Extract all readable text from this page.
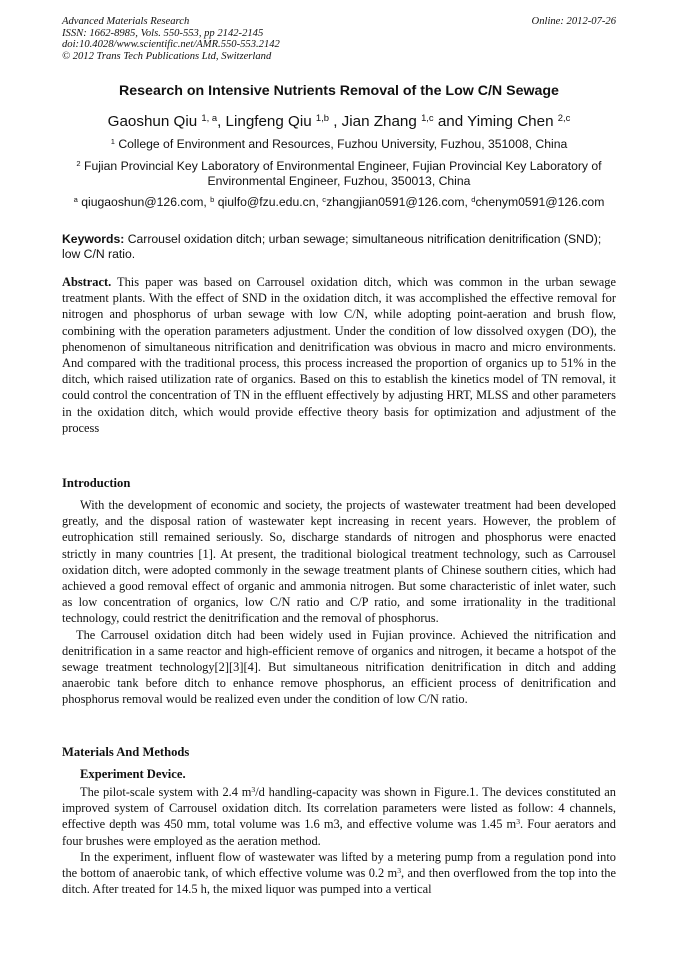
Advanced Materials Research
ISSN: 1662-8985, Vols. 550-553, pp 2142-2145
doi:10.4028/www.scientific.net/AMR.550-553.2142
© 2012 Trans Tech Publications Ltd, Switzerland
Online: 2012-07-26
Research on Intensive Nutrients Removal of the Low C/N Sewage
Gaoshun Qiu $^{1, a}$, Lingfeng Qiu $^{1,b}$ , Jian Zhang $^{1,c}$ and Yiming Chen $^{2,c}$
$^1$ College of Environment and Resources, Fuzhou University, Fuzhou, 351008, China
$^2$ Fujian Provincial Key Laboratory of Environmental Engineer, Fujian Provincial Key Laboratory of Environmental Engineer, Fuzhou, 350013, China
$^a$ qiugaoshun@126.com, $^b$ qiulfo@fzu.edu.cn, $^c$zhangjian0591@126.com, $^d$chenym0591@126.com
Keywords: Carrousel oxidation ditch; urban sewage; simultaneous nitrification denitrification (SND); low C/N ratio.
Abstract. This paper was based on Carrousel oxidation ditch, which was common in the urban sewage treatment plants. With the effect of SND in the oxidation ditch, it was accomplished the effective removal for nitrogen and phosphorus of urban sewage with low C/N, while adopting point-aeration and brush flow, combining with the operation parameters adjustment. Under the condition of low dissolved oxygen (DO), the phenomenon of simultaneous nitrification and denitrification was obvious in macro and micro environments. And compared with the traditional process, this process increased the proportion of organics up to 51% in the ditch, which raised utilization rate of organics. Based on this to establish the kinetics model of TN removal, it could control the concentration of TN in the effluent effectively by adjusting HRT, MLSS and other parameters in the oxidation ditch, which would provide effective theory basis for optimization and adjustment of the process
Introduction

With the development of economic and society, the projects of wastewater treatment had been developed greatly, and the disposal ration of wastewater kept increasing in recent years. However, the problem of eutrophication still remained seriously. So, discharge standards of nitrogen and phosphorus were enacted strictly in many countries [1]. At present, the traditional biological treatment technology, such as Carrousel oxidation ditch, were adopted commonly in the sewage treatment plants of Chinese southern cities, which had achieved a good removal effect of organic and ammonia nitrogen. But some characteristic of inlet water, such as low concentration of organics, low C/N ratio and C/P ratio, and some irrationality in the traditional technology, could restrict the denitrification and the removal of phosphorus.

The Carrousel oxidation ditch had been widely used in Fujian province. Achieved the nitrification and denitrification in a same reactor and high-efficient remove of organics and nitrogen, it became a hotspot of the sewage treatment technology[2][3][4]. But simultaneous nitrification denitrification in ditch and adding anaerobic tank before ditch to enhance remove phosphorus, an efficient process of denitrification and phosphorus removal would be realized even under the condition of low C/N ratio.

Materials And Methods
Experiment Device.

The pilot-scale system with 2.4 $m^3/d$ handling-capacity was shown in Figure.1. The devices constituted an improved system of Carrousel oxidation ditch. Its correlation parameters were listed as follow: 4 channels, effective depth was 450 mm, total volume was 1.6 m3, and effective volume was 1.45 $m^3$. Four aerators and four brushes were employed as the aeration method.

In the experiment, influent flow of wastewater was lifted by a metering pump from a regulation pond into the bottom of anaerobic tank, of which effective volume was 0.2 $m^3$, and then overflowed from the top into the ditch. After treated for 14.5 h, the mixed liquor was pumped into a vertical
